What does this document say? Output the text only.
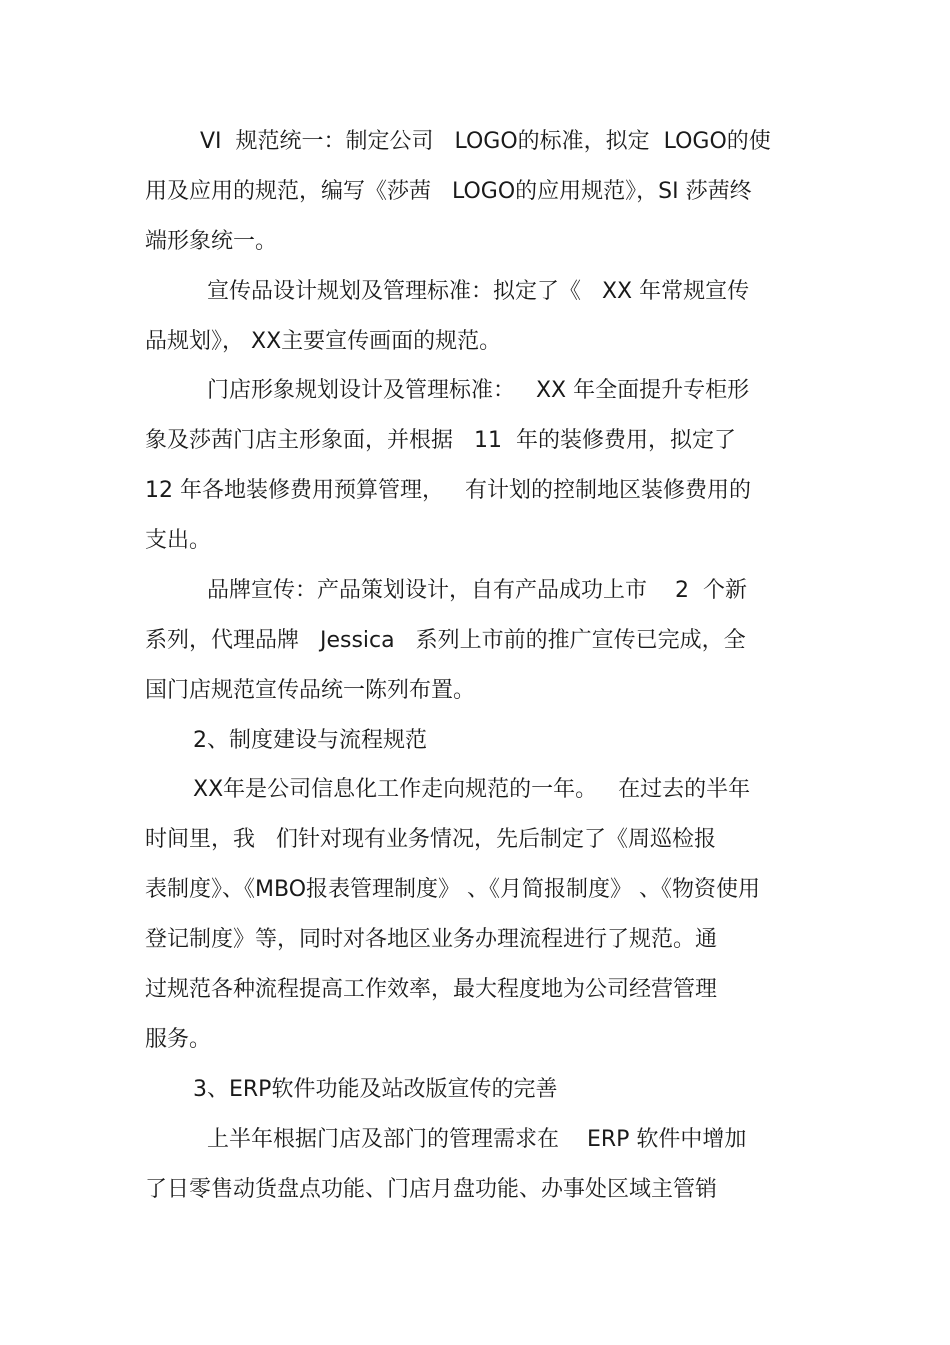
VI  规范统一：制定公司   LOGO的标准，拟定  LOGO的使
用及应用的规范，编写《莎茜   LOGO的应用规范》，SI 莎茜终
端形象统一。
宣传品设计规划及管理标准：拟定了《   XX 年常规宣传
品规划》， XX主要宣传画面的规范。
门店形象规划设计及管理标准：   XX 年全面提升专柜形
象及莎茜门店主形象面，并根据   11  年的装修费用，拟定了
12 年各地装修费用预算管理，   有计划的控制地区装修费用的
支出。
品牌宣传：产品策划设计，自有产品成功上市    2  个新
系列，代理品牌   Jessica   系列上市前的推广宣传已完成，全
国门店规范宣传品统一陈列布置。
2、制度建设与流程规范
XX年是公司信息化工作走向规范的一年。   在过去的半年
时间里，我   们针对现有业务情况，先后制定了《周巡检报
表制度》、《MBO报表管理制度》 、《月简报制度》 、《物资使用
登记制度》等，同时对各地区业务办理流程进行了规范。通
过规范各种流程提高工作效率，最大程度地为公司经营管理
服务。
3、ERP软件功能及站改版宣传的完善
上半年根据门店及部门的管理需求在    ERP 软件中增加
了日零售动货盘点功能、门店月盘功能、办事处区域主管销
